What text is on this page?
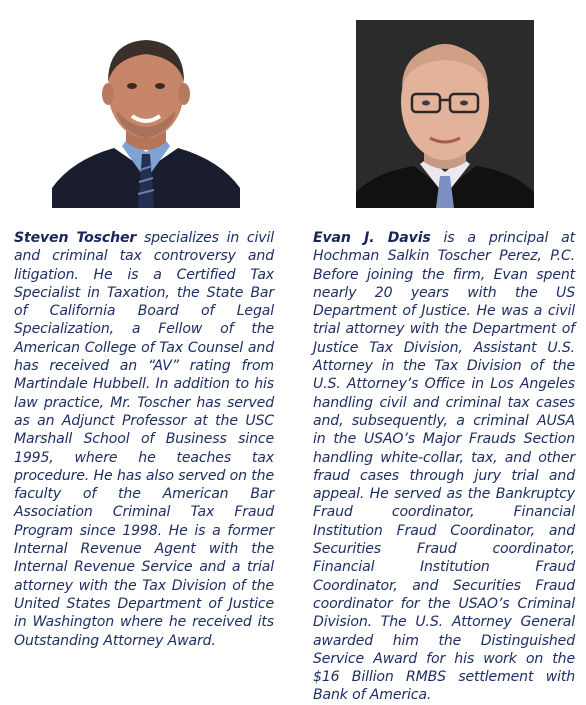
Steven Toscher specializes in civil and criminal tax controversy and litigation. He is a Certified Tax Specialist in Taxation, the State Bar of California Board of Legal Specialization, a Fellow of the American College of Tax Counsel and has received an “AV” rating from Martindale Hubbell. In addition to his law practice, Mr. Toscher has served as an Adjunct Professor at the USC Marshall School of Business since 1995, where he teaches tax procedure. He has also served on the faculty of the American Bar Association Criminal Tax Fraud Program since 1998. He is a former Internal Revenue Agent with the Internal Revenue Service and a trial attorney with the Tax Division of the United States Department of Justice in Washington where he received its Outstanding Attorney Award.
Evan J. Davis is a principal at Hochman Salkin Toscher Perez, P.C. Before joining the firm, Evan spent nearly 20 years with the US Department of Justice. He was a civil trial attorney with the Department of Justice Tax Division, Assistant U.S. Attorney in the Tax Division of the U.S. Attorney’s Office in Los Angeles handling civil and criminal tax cases and, subsequently, a criminal AUSA in the USAO’s Major Frauds Section handling white-collar, tax, and other fraud cases through jury trial and appeal. He served as the Bankruptcy Fraud coordinator, Financial Institution Fraud Coordinator, and Securities Fraud coordinator, Financial Institution Fraud Coordinator, and Securities Fraud coordinator for the USAO’s Criminal Division. The U.S. Attorney General awarded him the Distinguished Service Award for his work on the $16 Billion RMBS settlement with Bank of America.
